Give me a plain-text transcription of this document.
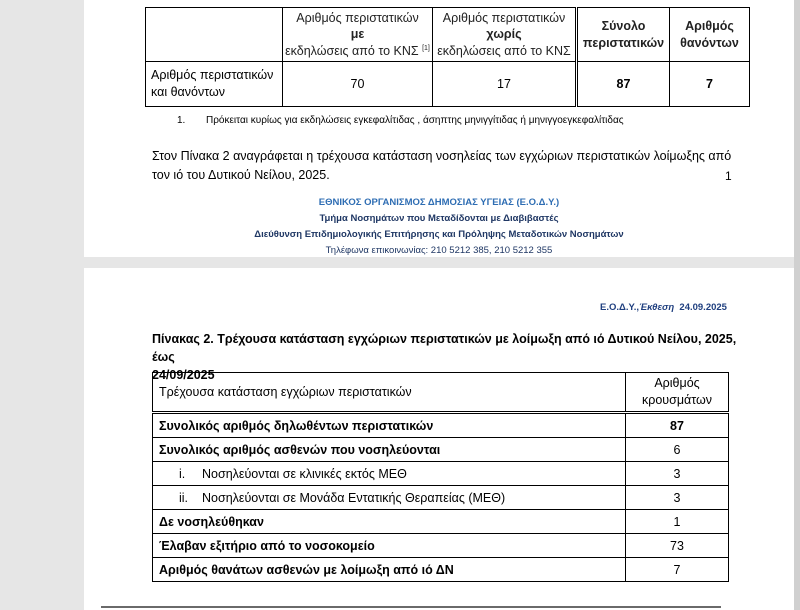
	Αριθμός περιστατικών
με
εκδηλώσεις από το ΚΝΣ [1]	Αριθμός περιστατικών
χωρίς
εκδηλώσεις από το ΚΝΣ	Σύνολο
περιστατικών	Αριθμός
θανόντων
Αριθμός περιστατικών
και θανόντων	70	17	87	7
1. Πρόκειται κυρίως για εκδηλώσεις εγκεφαλίτιδας , άσηπτης μηνιγγίτιδας ή μηνιγγοεγκεφαλίτιδας
Στον Πίνακα 2 αναγράφεται η τρέχουσα κατάσταση νοσηλείας των εγχώριων περιστατικών λοίμωξης από
τον ιό του Δυτικού Νείλου, 2025.	1
ΕΘΝΙΚΟΣ ΟΡΓΑΝΙΣΜΟΣ ΔΗΜΟΣΙΑΣ ΥΓΕΙΑΣ (Ε.Ο.Δ.Υ.)
Τμήμα Νοσημάτων που Μεταδίδονται με Διαβιβαστές
Διεύθυνση Επιδημιολογικής Επιτήρησης και Πρόληψης Μεταδοτικών Νοσημάτων
Τηλέφωνα επικοινωνίας: 210 5212 385, 210 5212 355
Ε.Ο.Δ.Υ.,Έκθεση 24.09.2025
Πίνακας 2. Τρέχουσα κατάσταση εγχώριων περιστατικών με λοίμωξη από ιό Δυτικού Νείλου, 2025, έως
24/09/2025
Τρέχουσα κατάσταση εγχώριων περιστατικών	Αριθμός
κρουσμάτων
Συνολικός αριθμός δηλωθέντων περιστατικών	87
Συνολικός αριθμός ασθενών που νοσηλεύονται	6
i. Νοσηλεύονται σε κλινικές εκτός ΜΕΘ	3
ii. Νοσηλεύονται σε Μονάδα Εντατικής Θεραπείας (ΜΕΘ)	3
Δε νοσηλεύθηκαν	1
Έλαβαν εξιτήριο από το νοσοκομείο	73
Αριθμός θανάτων ασθενών με λοίμωξη από ιό ΔΝ	7
